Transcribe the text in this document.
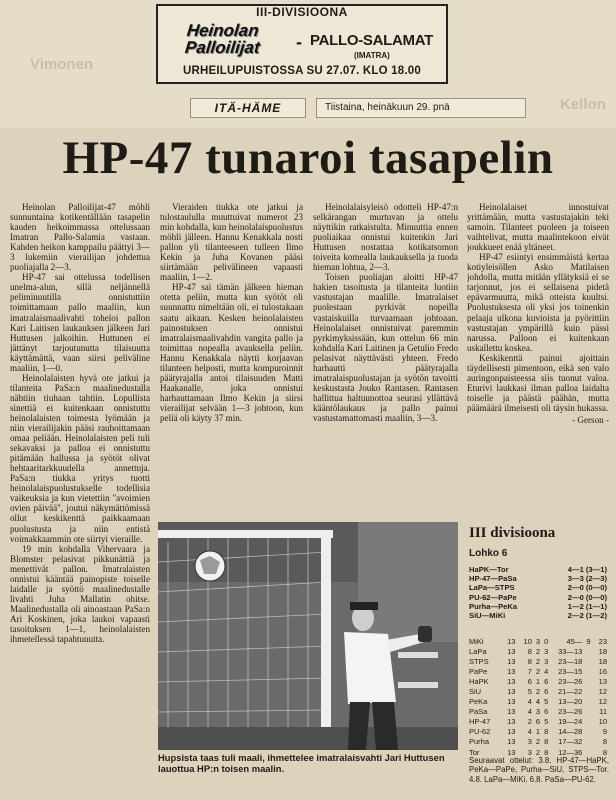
Vimonen
Kellon
III-DIVISIOONA
Heinolan
Palloilijat	- PALLO-SALAMAT
(IMATRA)
URHEILUPUISTOSSA SU 27.07. KLO 18.00
ITÄ-HÄME	Tiistaina, heinäkuun 29. pnä
HP-47 tunaroi tasapelin

Heinolan Palloilijat-47 möhli sunnuntaina kotikentällään tasapelin kauden heikoimmassa ottelussaan Imatran Pallo-Salamia vastaan. Kahden heikon kamppailu päättyi 3—3 lukemiin vierailijan johdettua puoliajalla 2—3.

HP-47 sai ottelussa todellisen unelma-alun, sillä neljännellä peliminuutilla onnistuttiin toimittamaan pallo maaliin, kun imatralaismaalivahti toheloi pallon Kari Laitisen laukauksen jälkeen Jari Huttusen jalkoihin. Huttunen ei jättänyt tarjoutunutta tilaisuutta käyttämättä, vaan siirsi peliväline maaliin, 1—0.

Heinolalaisten hyvä ote jatkui ja tilanteita PaSa:n maalinedustalla nähtiin tiuhaan tahtiin. Lopullista sinettiä ei kuitenkaan onnistuttu heinolalaisten toimesta lyömään ja niin vierailijakin pääsi rauhoittamaan omaa peliään. Heinolalaisten peli tuli sekavaksi ja palloa ei onnistuttu pitämään hallussa ja syötöt olivat hehtaaritarkkuudella annettuja. PaSa:n tiukka yritys tuotti heinolalaispuolustukselle todellisia vaikeuksia ja kun vietettiin "avoimien ovien päivää", joutui näkymättömissä ollut keskikenttä paikkaamaan puolustusta ja niin entistä voimakkaammin ote siirtyi vieraille.

19 min kohdalla Vihervaara ja Blomster pelasivat pikkunättiä ja menettivät pallon. Imatralaisten onnistui kääntää painopiste toiselle laidalle ja syöttö maalinedustalle livahti Juha Mallatin ohitse. Maalinedustalla oli ainoastaan PaSa:n Ari Koskinen, joka laukoi vapaasti tasoituksen 1—1, heinolalaisten ihmetellessä tapahtunutta.

Vieraiden tiukka ote jatkui ja tulostaululla muuttuivat numerot 23 min kohdalla, kun heinolalaispuolustus möhli jälleen. Hannu Kenakkala nosti pallon yli tilanteeseen tulleen Ilmo Kekin ja Juha Kovanen pääsi siirtämään pelivälineen vapaasti maaliin, 1—2.

HP-47 sai tämän jälkeen hieman otetta peliin, mutta kun syötöt oli suunnattu nimeltään oli, ei tulostakaan saatu aikaan. Kesken heinolalaisten painostuksen onnistui imatralaismaalivahdin vangita pallo ja toimittaa nopealla avauksella peliin. Hannu Kenakkala näytti korjaavan tilanteen helposti, mutta kompuroinnit päätyrajalla antoi tilaisuuden Matti Haakanalle, joka onnistui harhauttamaan Ilmo Kekin ja siirsi vierailijat selvään 1—3 johtoon, kun peliä oli käyty 37 min.

Heinolalaisyleisö odotteli HP-47:n selkärangan murtuvan ja ottelu näyttikin ratkaistulta. Minuuttia ennen puoliaikaa onnistui kuitenkin Jari Huttusen nostattaa kotikatsomon toiveita komealla laukauksella ja tuoda hieman lohtua, 2—3.

Toisen puoliajan aloitti HP-47 hakien tasoitusta ja tilanteita luotiin vastustajan maalille. Imatralaiset puolestaan pyrkivät nopeilla vastaiskuilla turvaamaan johtoaan. Heinolalaiset onnistuivat paremmin pyrkimyksissään, kun ottelun 66 min kohdalla Kari Laitinen ja Getulio Fredo pelasivat näyttävästi yhteen. Fredo harhautti päätyrajalla imatralaispuolustajan ja syötön tavoitti keskustasta Jouko Rantasen. Rantasen hallittua haltuunottoa seurasi yllättävä kääntölaukaus ja pallo painui vastustamattomasti maaliin, 3—3.

Heinolalaiset innostuivat yrittämään, mutta vastustajakin teki samoin. Tilanteet puoleen ja toiseen vaihtelivat, mutta maalintekoon eivät joukkueet enää yltäneet.

HP-47 esiintyi ensimmäistä kertaa kotiyleisöllen Asko Matilaisen johdolla, mutta mitään yllätyksiä ei se tarjonnut, jos ei sellaisena pidetä epävarmuutta, mikä otteista kuultsi. Puolustuksesta oli yksi jos toinenkin pelaaja ulkona kuvioista ja pyörittiin vastustajan ympärillä kuin pässi narussa. Palloon ei kuitenkaan uskallettu koskea.

Keskikenttä painui ajoittain täydellisesti pimentoon, eikä sen valo auringonpaisteessa siis tuonut valoa. Eturivi laukkasi ilman palloa laidalta toiselle ja päästä päähän, mutta päämäärä ilmeisesti oli täysin hukassa.

- Gerson -
Hupsista taas tuli maali, ihmettelee imatralaisvahti Jari Huttusen lauottua HP:n toisen maalin.
III divisioona
Lohko 6
HaPK—Tor	4—1 (3—1)
HP-47—PaSa	3—3 (2—3)
LaPa—STPS	2—0 (0—0)
PU-62—PaPe	2—0 (0—0)
Purha—PeKa	1—2 (1—1)
SiU—MiKi	2—2 (1—2)
MiKi	13	10	3	0	45—	9	23
LaPa	13	8	2	3	33—13		18
STPS	13	8	2	3	23—18		18
PaPe	13	7	2	4	23—15		16
HaPK	13	6	1	6	23—26		13
SiU	13	5	2	6	21—22		12
PeKa	13	4	4	5	13—20		12
PaSa	13	4	3	6	23—26		11
HP-47	13	2	6	5	19—24		10
PU-62	13	4	1	8	14—28		9
Purha	13	3	2	8	17—32		8
Tor	13	3	2	8	12—36		8
Seuraavat ottelut: 3.8. HP-47—HaPK, PeKa—PaPe, Purha—SiU, STPS—Tor. 4.8. LaPa—MiKi. 6.8. PaSa—PU-62.
